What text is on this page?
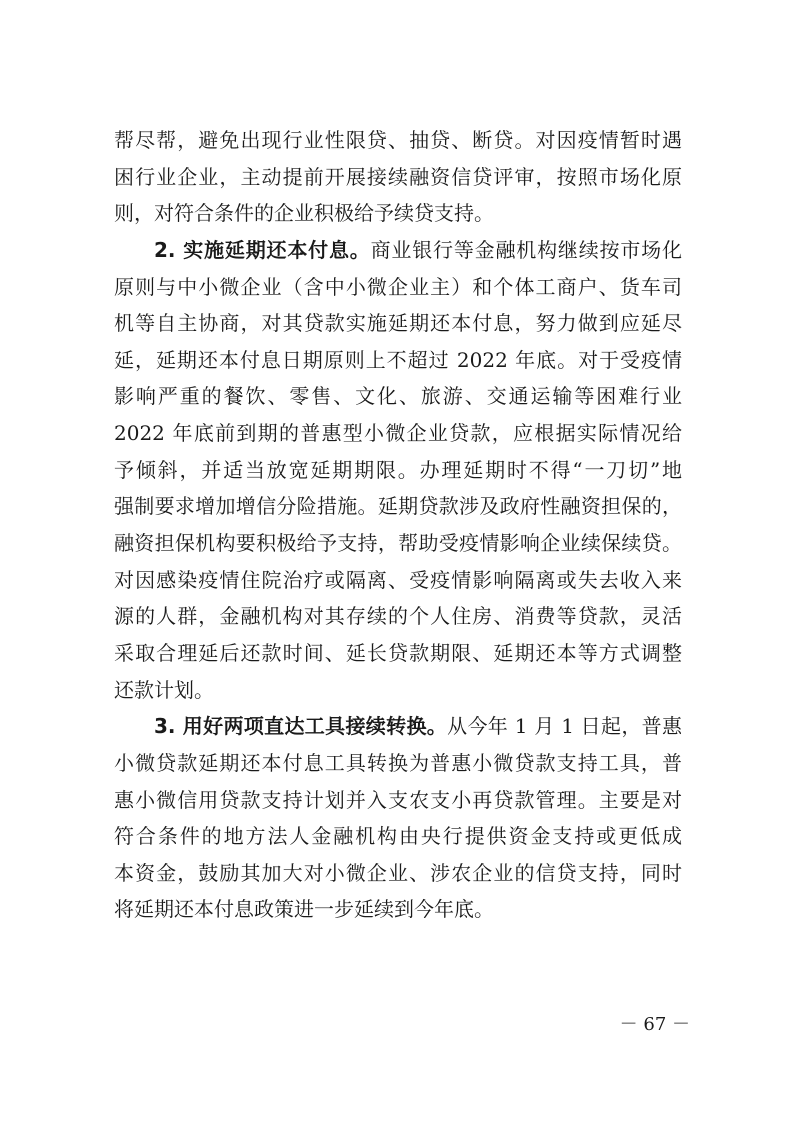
帮尽帮，避免出现行业性限贷、抽贷、断贷。对因疫情暂时遇
困行业企业，主动提前开展接续融资信贷评审，按照市场化原
则，对符合条件的企业积极给予续贷支持。
2. 实施延期还本付息。商业银行等金融机构继续按市场化
原则与中小微企业（含中小微企业主）和个体工商户、货车司
机等自主协商，对其贷款实施延期还本付息，努力做到应延尽
延，延期还本付息日期原则上不超过 2022 年底。对于受疫情
影响严重的餐饮、零售、文化、旅游、交通运输等困难行业
2022 年底前到期的普惠型小微企业贷款，应根据实际情况给
予倾斜，并适当放宽延期期限。办理延期时不得“一刀切”地
强制要求增加增信分险措施。延期贷款涉及政府性融资担保的，
融资担保机构要积极给予支持，帮助受疫情影响企业续保续贷。
对因感染疫情住院治疗或隔离、受疫情影响隔离或失去收入来
源的人群，金融机构对其存续的个人住房、消费等贷款，灵活
采取合理延后还款时间、延长贷款期限、延期还本等方式调整
还款计划。
3. 用好两项直达工具接续转换。从今年 1 月 1 日起，普惠
小微贷款延期还本付息工具转换为普惠小微贷款支持工具，普
惠小微信用贷款支持计划并入支农支小再贷款管理。主要是对
符合条件的地方法人金融机构由央行提供资金支持或更低成
本资金，鼓励其加大对小微企业、涉农企业的信贷支持，同时
将延期还本付息政策进一步延续到今年底。
－ 67 －
